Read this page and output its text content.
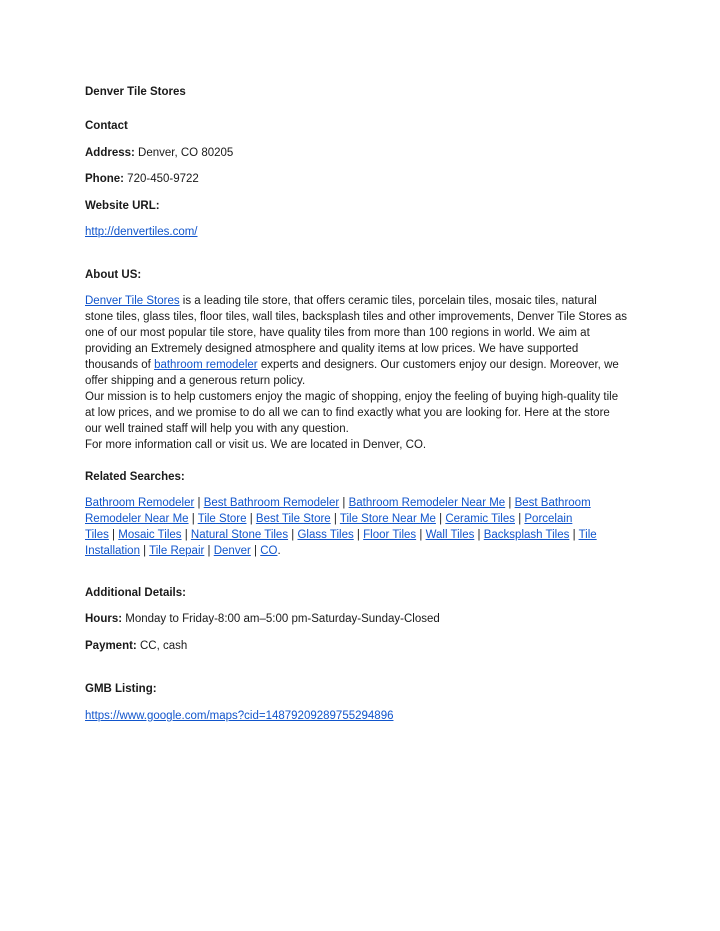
Denver Tile Stores
Contact
Address: Denver, CO 80205
Phone: 720-450-9722
Website URL:
http://denvertiles.com/
About US:
Denver Tile Stores is a leading tile store, that offers ceramic tiles, porcelain tiles, mosaic tiles, natural
stone tiles, glass tiles, floor tiles, wall tiles, backsplash tiles and other improvements, Denver Tile Stores as
one of our most popular tile store, have quality tiles from more than 100 regions in world. We aim at
providing an Extremely designed atmosphere and quality items at low prices. We have supported
thousands of bathroom remodeler experts and designers. Our customers enjoy our design. Moreover, we
offer shipping and a generous return policy.
Our mission is to help customers enjoy the magic of shopping, enjoy the feeling of buying high-quality tile
at low prices, and we promise to do all we can to find exactly what you are looking for. Here at the store
our well trained staff will help you with any question.
For more information call or visit us. We are located in Denver, CO.
Related Searches:
Bathroom Remodeler | Best Bathroom Remodeler | Bathroom Remodeler Near Me | Best Bathroom
Remodeler Near Me | Tile Store | Best Tile Store | Tile Store Near Me | Ceramic Tiles | Porcelain
Tiles | Mosaic Tiles | Natural Stone Tiles | Glass Tiles | Floor Tiles | Wall Tiles | Backsplash Tiles | Tile
Installation | Tile Repair | Denver | CO.
Additional Details:
Hours: Monday to Friday-8:00 am–5:00 pm-Saturday-Sunday-Closed
Payment: CC, cash
GMB Listing:
https://www.google.com/maps?cid=14879209289755294896
